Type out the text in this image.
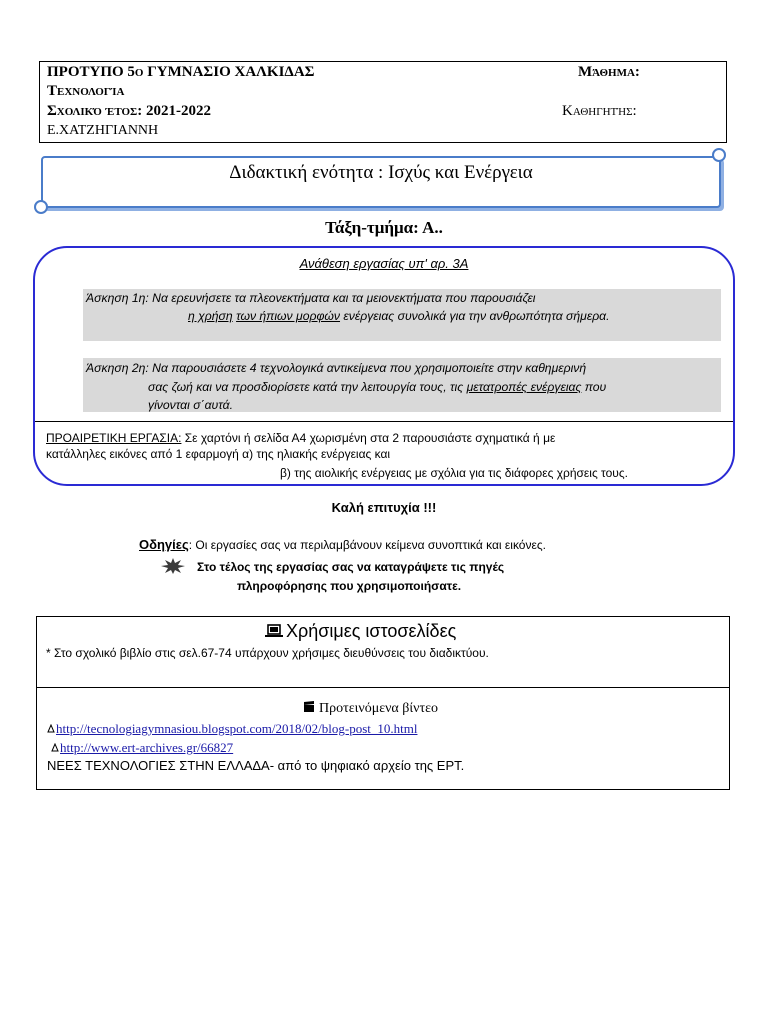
ΠΡΟΤΥΠΟ 5ο ΓΥΜΝΑΣΙΟ ΧΑΛΚΙΔΑΣ	Μάθημα:
Τεχνολογία
Σχολικό έτος: 2021-2022	Καθηγητής:
Ε.ΧΑΤΖΗΓΙΑΝΝΗ
Διδακτική ενότητα : Ισχύς και Ενέργεια
Τάξη-τμήμα: Α..
Ανάθεση εργασίας υπ' αρ. 3Α
Άσκηση 1η: Να ερευνήσετε τα πλεονεκτήματα και τα μειονεκτήματα που παρουσιάζει
η χρήση των ήπιων μορφών ενέργειας συνολικά για την ανθρωπότητα σήμερα.
Άσκηση 2η: Να παρουσιάσετε 4 τεχνολογικά αντικείμενα που χρησιμοποιείτε στην καθημερινή
σας ζωή και να προσδιορίσετε κατά την λειτουργία τους, τις μετατροπές ενέργειας που
γίνονται σ΄αυτά.
ΠΡΟΑΙΡΕΤΙΚΗ ΕΡΓΑΣΙΑ: Σε χαρτόνι ή σελίδα Α4 χωρισμένη στα 2 παρουσιάστε σχηματικά ή με
κατάλληλες εικόνες από 1 εφαρμογή α) της ηλιακής ενέργειας και
β) της αιολικής ενέργειας με σχόλια για τις διάφορες χρήσεις τους.
Καλή επιτυχία !!!
Οδηγίες: Οι εργασίες σας να περιλαμβάνουν κείμενα συνοπτικά και εικόνες.
Στο τέλος της εργασίας σας να καταγράψετε τις πηγές
πληροφόρησης που χρησιμοποιήσατε.
Χρήσιμες ιστοσελίδες
* Στο σχολικό βιβλίο στις σελ.67-74 υπάρχουν χρήσιμες διευθύνσεις του διαδικτύου.
Προτεινόμενα βίντεο
http://tecnologiagymnasiou.blogspot.com/2018/02/blog-post_10.html
http://www.ert-archives.gr/66827
ΝΕΕΣ ΤΕΧΝΟΛΟΓΙΕΣ ΣΤΗΝ ΕΛΛΑΔΑ- από το ψηφιακό αρχείο της ΕΡΤ.
